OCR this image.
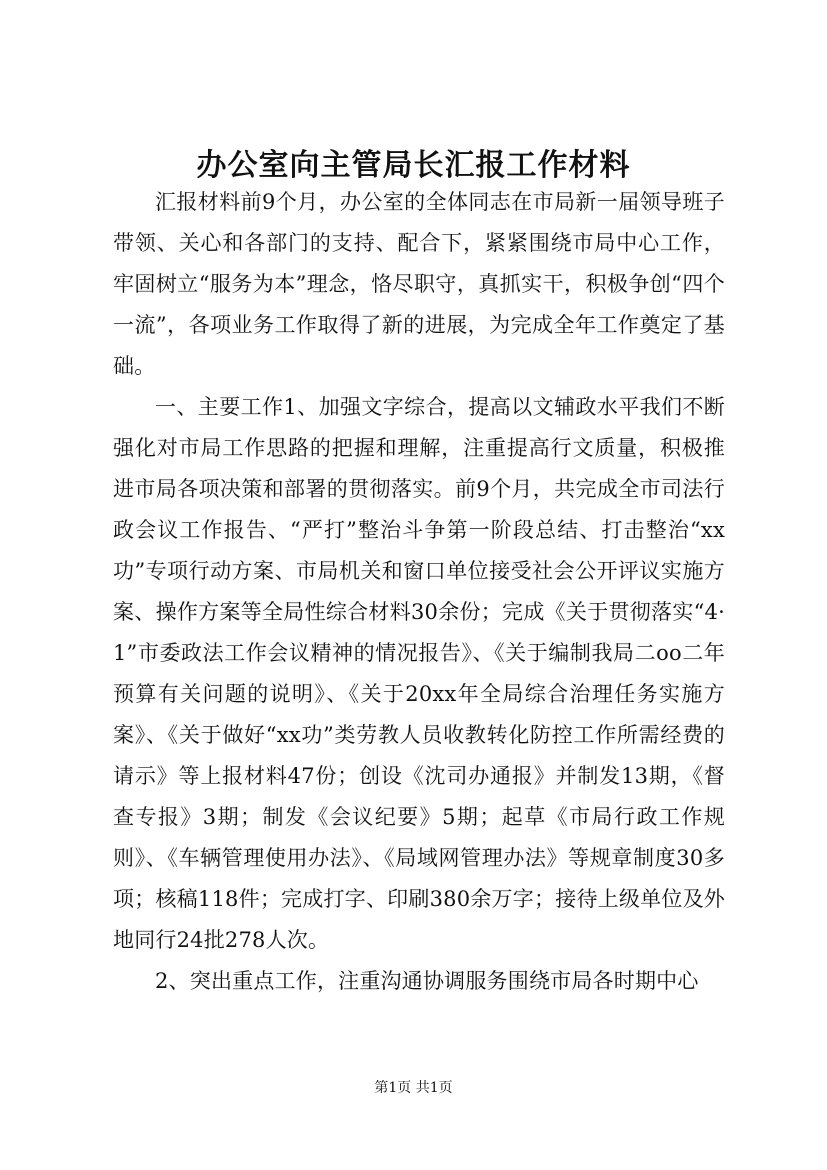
办公室向主管局长汇报工作材料

汇报材料前9个月，办公室的全体同志在市局新一届领导班子带领、关心和各部门的支持、配合下，紧紧围绕市局中心工作，牢固树立“服务为本”理念，恪尽职守，真抓实干，积极争创“四个一流”，各项业务工作取得了新的进展，为完成全年工作奠定了基础。

一、主要工作1、加强文字综合，提高以文辅政水平我们不断强化对市局工作思路的把握和理解，注重提高行文质量，积极推进市局各项决策和部署的贯彻落实。前9个月，共完成全市司法行政会议工作报告、“严打”整治斗争第一阶段总结、打击整治“xx功”专项行动方案、市局机关和窗口单位接受社会公开评议实施方案、操作方案等全局性综合材料30余份；完成《关于贯彻落实“4·1”市委政法工作会议精神的情况报告》、《关于编制我局二oo二年预算有关问题的说明》、《关于20xx年全局综合治理任务实施方案》、《关于做好“xx功”类劳教人员收教转化防控工作所需经费的请示》等上报材料47份；创设《沈司办通报》并制发13期，《督查专报》3期；制发《会议纪要》5期；起草《市局行政工作规则》、《车辆管理使用办法》、《局域网管理办法》等规章制度30多项；核稿118件；完成打字、印刷380余万字；接待上级单位及外地同行24批278人次。

2、突出重点工作，注重沟通协调服务围绕市局各时期中心

第1页 共1页
